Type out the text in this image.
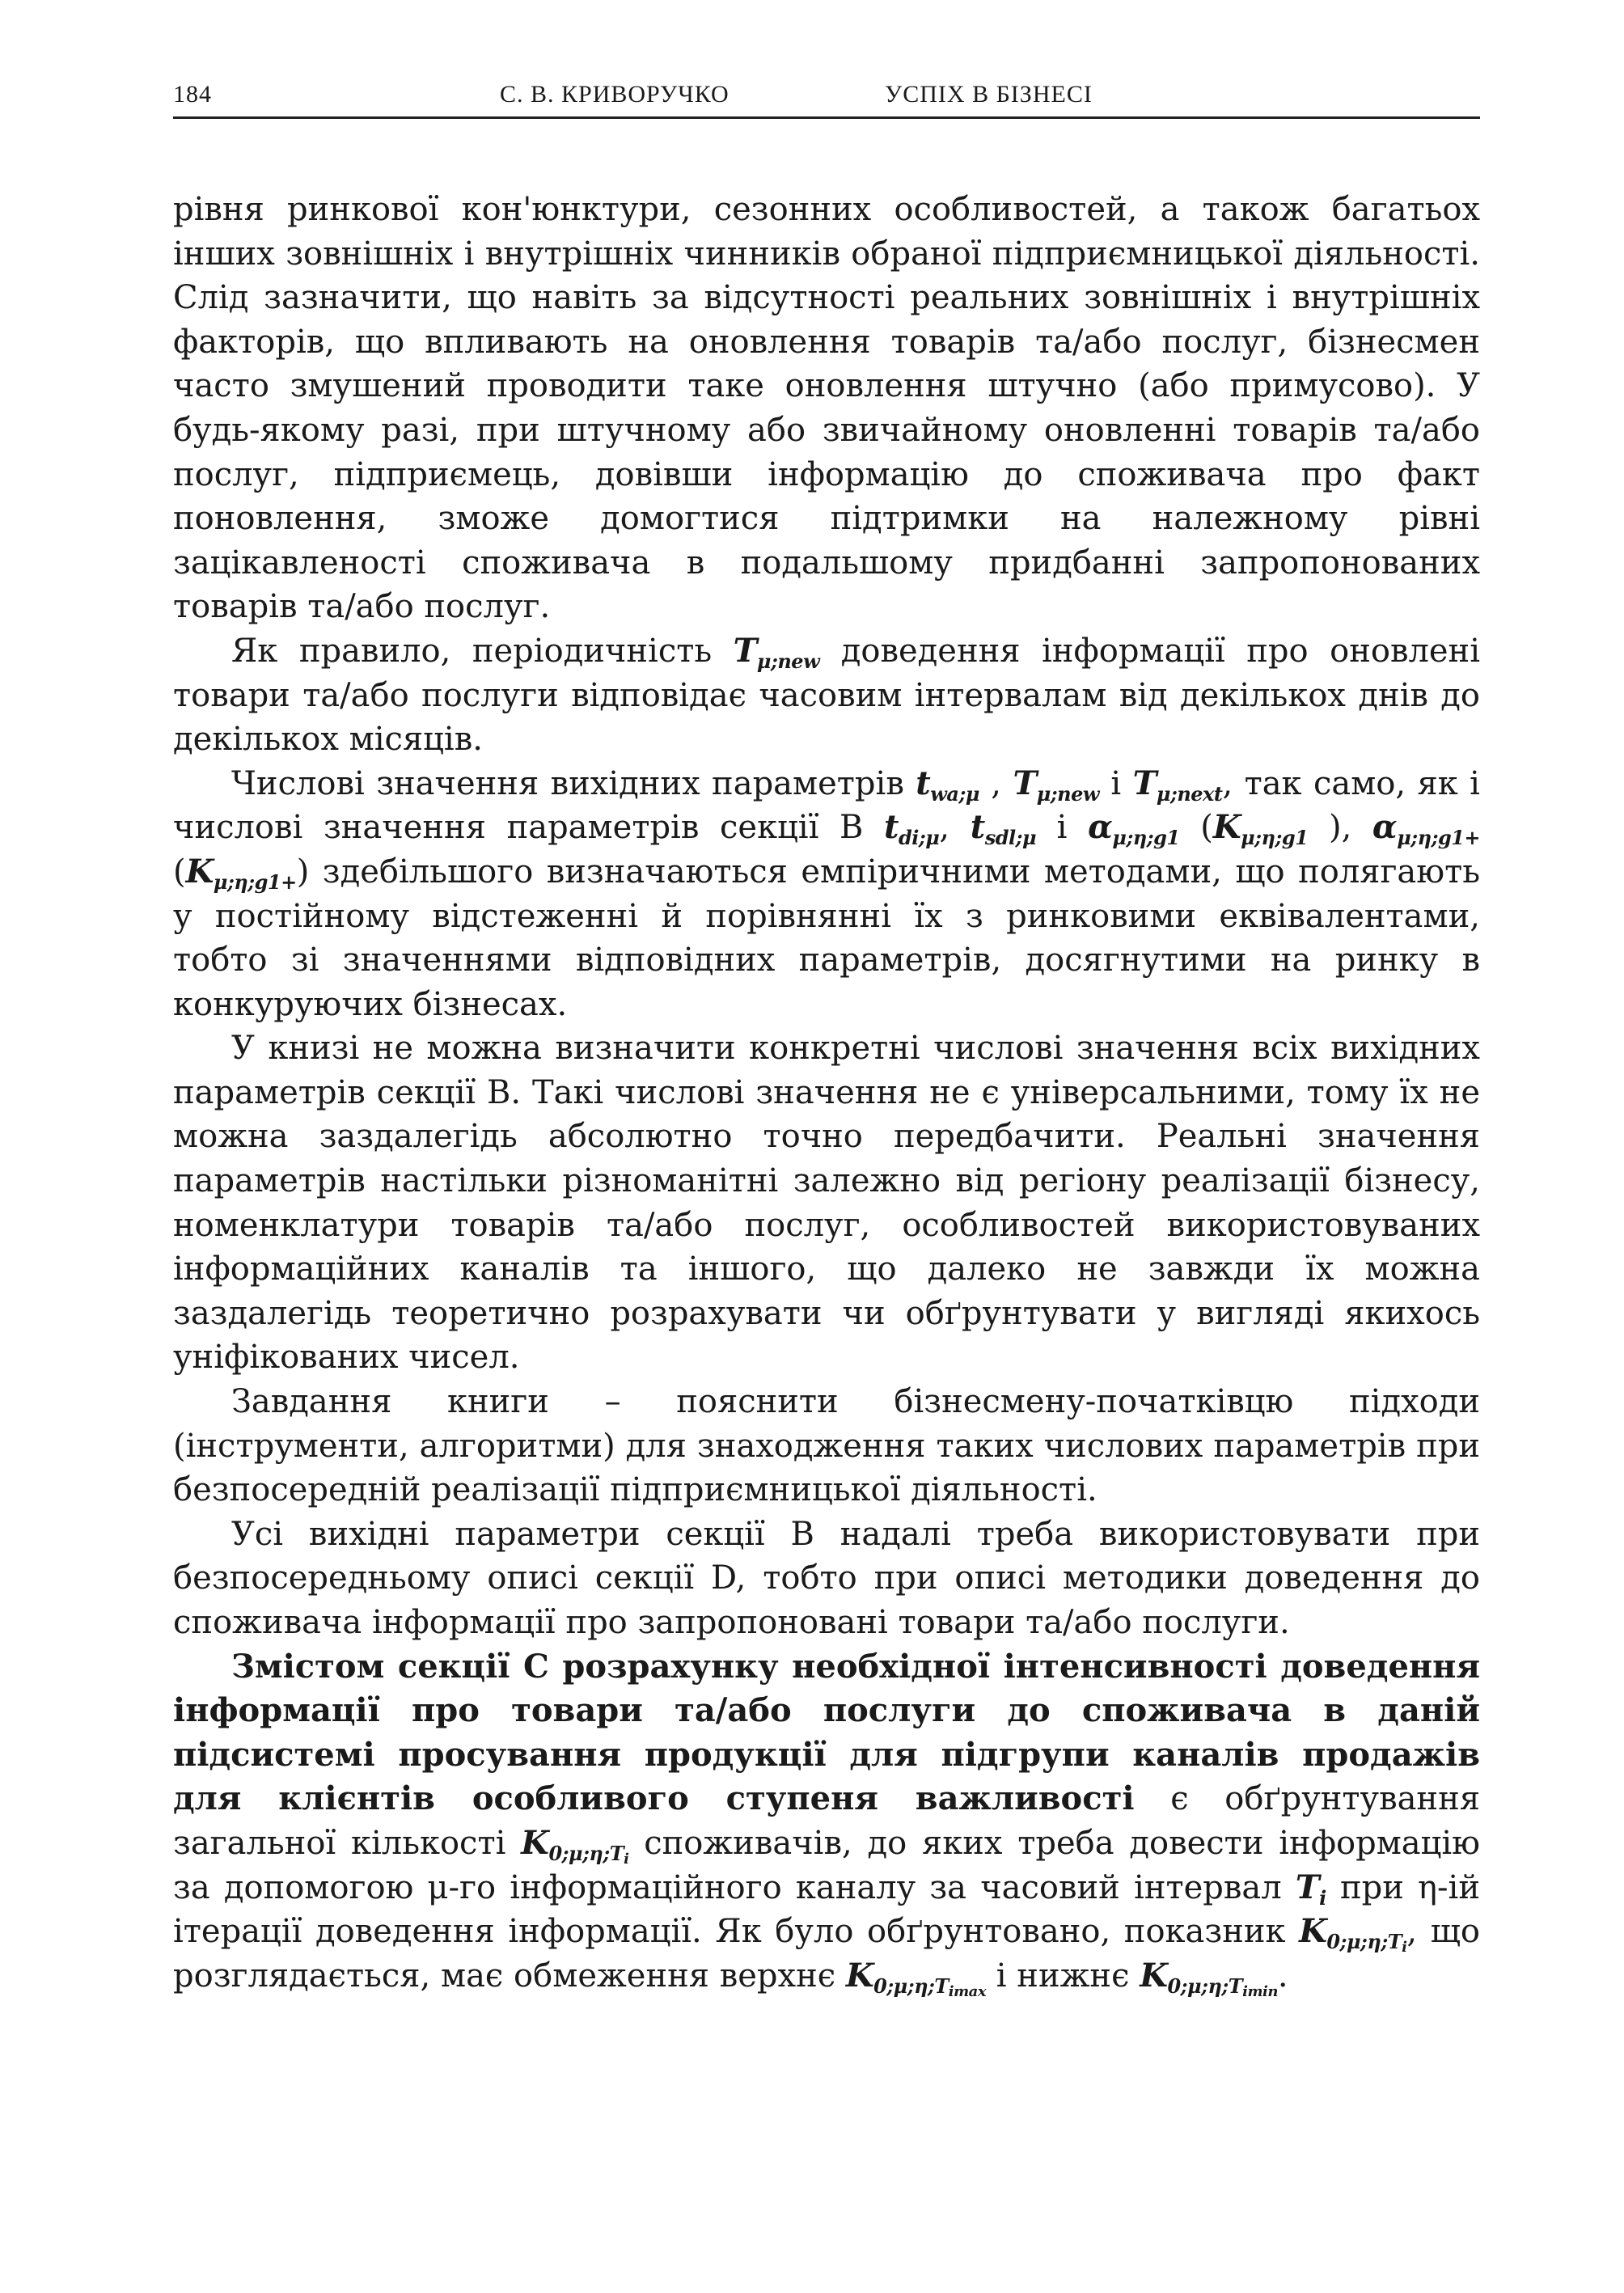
184	С. В. КРИВОРУЧКО	УСПІХ В БІЗНЕСІ

рівня ринкової кон'юнктури, сезонних особливостей, а також багатьох інших зовнішніх і внутрішніх чинників обраної підприємницької діяльності. Слід зазначити, що навіть за відсутності реальних зовнішніх і внутрішніх факторів, що впливають на оновлення товарів та/або послуг, бізнесмен часто змушений проводити таке оновлення штучно (або примусово). У будь-якому разі, при штучному або звичайному оновленні товарів та/або послуг, підприємець, довівши інформацію до споживача про факт поновлення, зможе домогтися підтримки на належному рівні зацікавленості споживача в подальшому придбанні запропонованих товарів та/або послуг.

Як правило, періодичність $T_{\mu;new}$ доведення інформації про оновлені товари та/або послуги відповідає часовим інтервалам від декількох днів до декількох місяців.

Числові значення вихідних параметрів $t_{wa;\mu}$ , $T_{\mu;new}$ і $T_{\mu;next}$, так само, як і числові значення параметрів секції В $t_{di;\mu}$, $t_{sdl;\mu}$ і $\alpha_{\mu;\eta;g1}$ ($K_{\mu;\eta;g1}$ ), $\alpha_{\mu;\eta;g1+}$ $(K_{\mu;\eta;g1+})$ здебільшого визначаються емпіричними методами, що полягають у постійному відстеженні й порівнянні їх з ринковими еквівалентами, тобто зі значеннями відповідних параметрів, досягнутими на ринку в конкуруючих бізнесах.

У книзі не можна визначити конкретні числові значення всіх вихідних параметрів секції В. Такі числові значення не є універсальними, тому їх не можна заздалегідь абсолютно точно передбачити. Реальні значення параметрів настільки різноманітні залежно від регіону реалізації бізнесу, номенклатури товарів та/або послуг, особливостей використовуваних інформаційних каналів та іншого, що далеко не завжди їх можна заздалегідь теоретично розрахувати чи обґрунтувати у вигляді якихось уніфікованих чисел.

Завдання книги – пояснити бізнесмену-початківцю підходи (інструменти, алгоритми) для знаходження таких числових параметрів при безпосередній реалізації підприємницької діяльності.

Усі вихідні параметри секції В надалі треба використовувати при безпосередньому описі секції D, тобто при описі методики доведення до споживача інформації про запропоновані товари та/або послуги.

Змістом секції С розрахунку необхідної інтенсивності доведення інформації про товари та/або послуги до споживача в даній підсистемі просування продукції для підгрупи каналів продажів для клієнтів особливого ступеня важливості є обґрунтування загальної кількості $K_{0;\mu;\eta;T_i}$ споживачів, до яких треба довести інформацію за допомогою μ-го інформаційного каналу за часовий інтервал $T_i$ при η-ій ітерації доведення інформації. Як було обґрунтовано, показник $K_{0;\mu;\eta;T_i}$, що розглядається, має обмеження верхнє $K_{0;\mu;\eta;T_{imax}}$ і нижнє $K_{0;\mu;\eta;T_{imin}}$.
